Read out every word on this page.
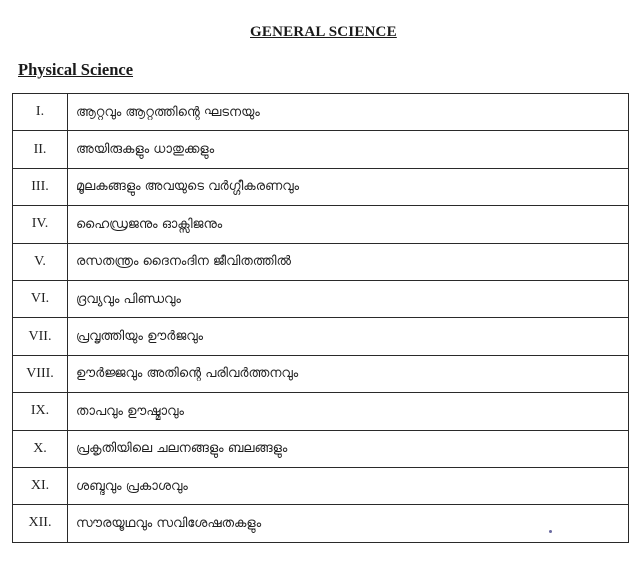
GENERAL SCIENCE
Physical Science
I.	ആറ്റവും ആറ്റത്തിന്റെ ഘടനയും
II.	അയിരുകളും ധാതുക്കളും
III.	മൂലകങ്ങളും അവയുടെ വർഗ്ഗീകരണവും
IV.	ഹൈഡ്രജനും ഓക്സിജനും
V.	രസതന്ത്രം ദൈനംദിന ജീവിതത്തിൽ
VI.	ദ്രവ്യവും പിണ്ഡവും
VII.	പ്രവൃത്തിയും ഊർജവും
VIII.	ഊർജ്ജവും അതിന്റെ പരിവർത്തനവും
IX.	താപവും ഊഷ്മാവും
X.	പ്രകൃതിയിലെ ചലനങ്ങളും ബലങ്ങളും
XI.	ശബ്ദവും പ്രകാശവും
XII.	സൗരയൂഥവും സവിശേഷതകളും
